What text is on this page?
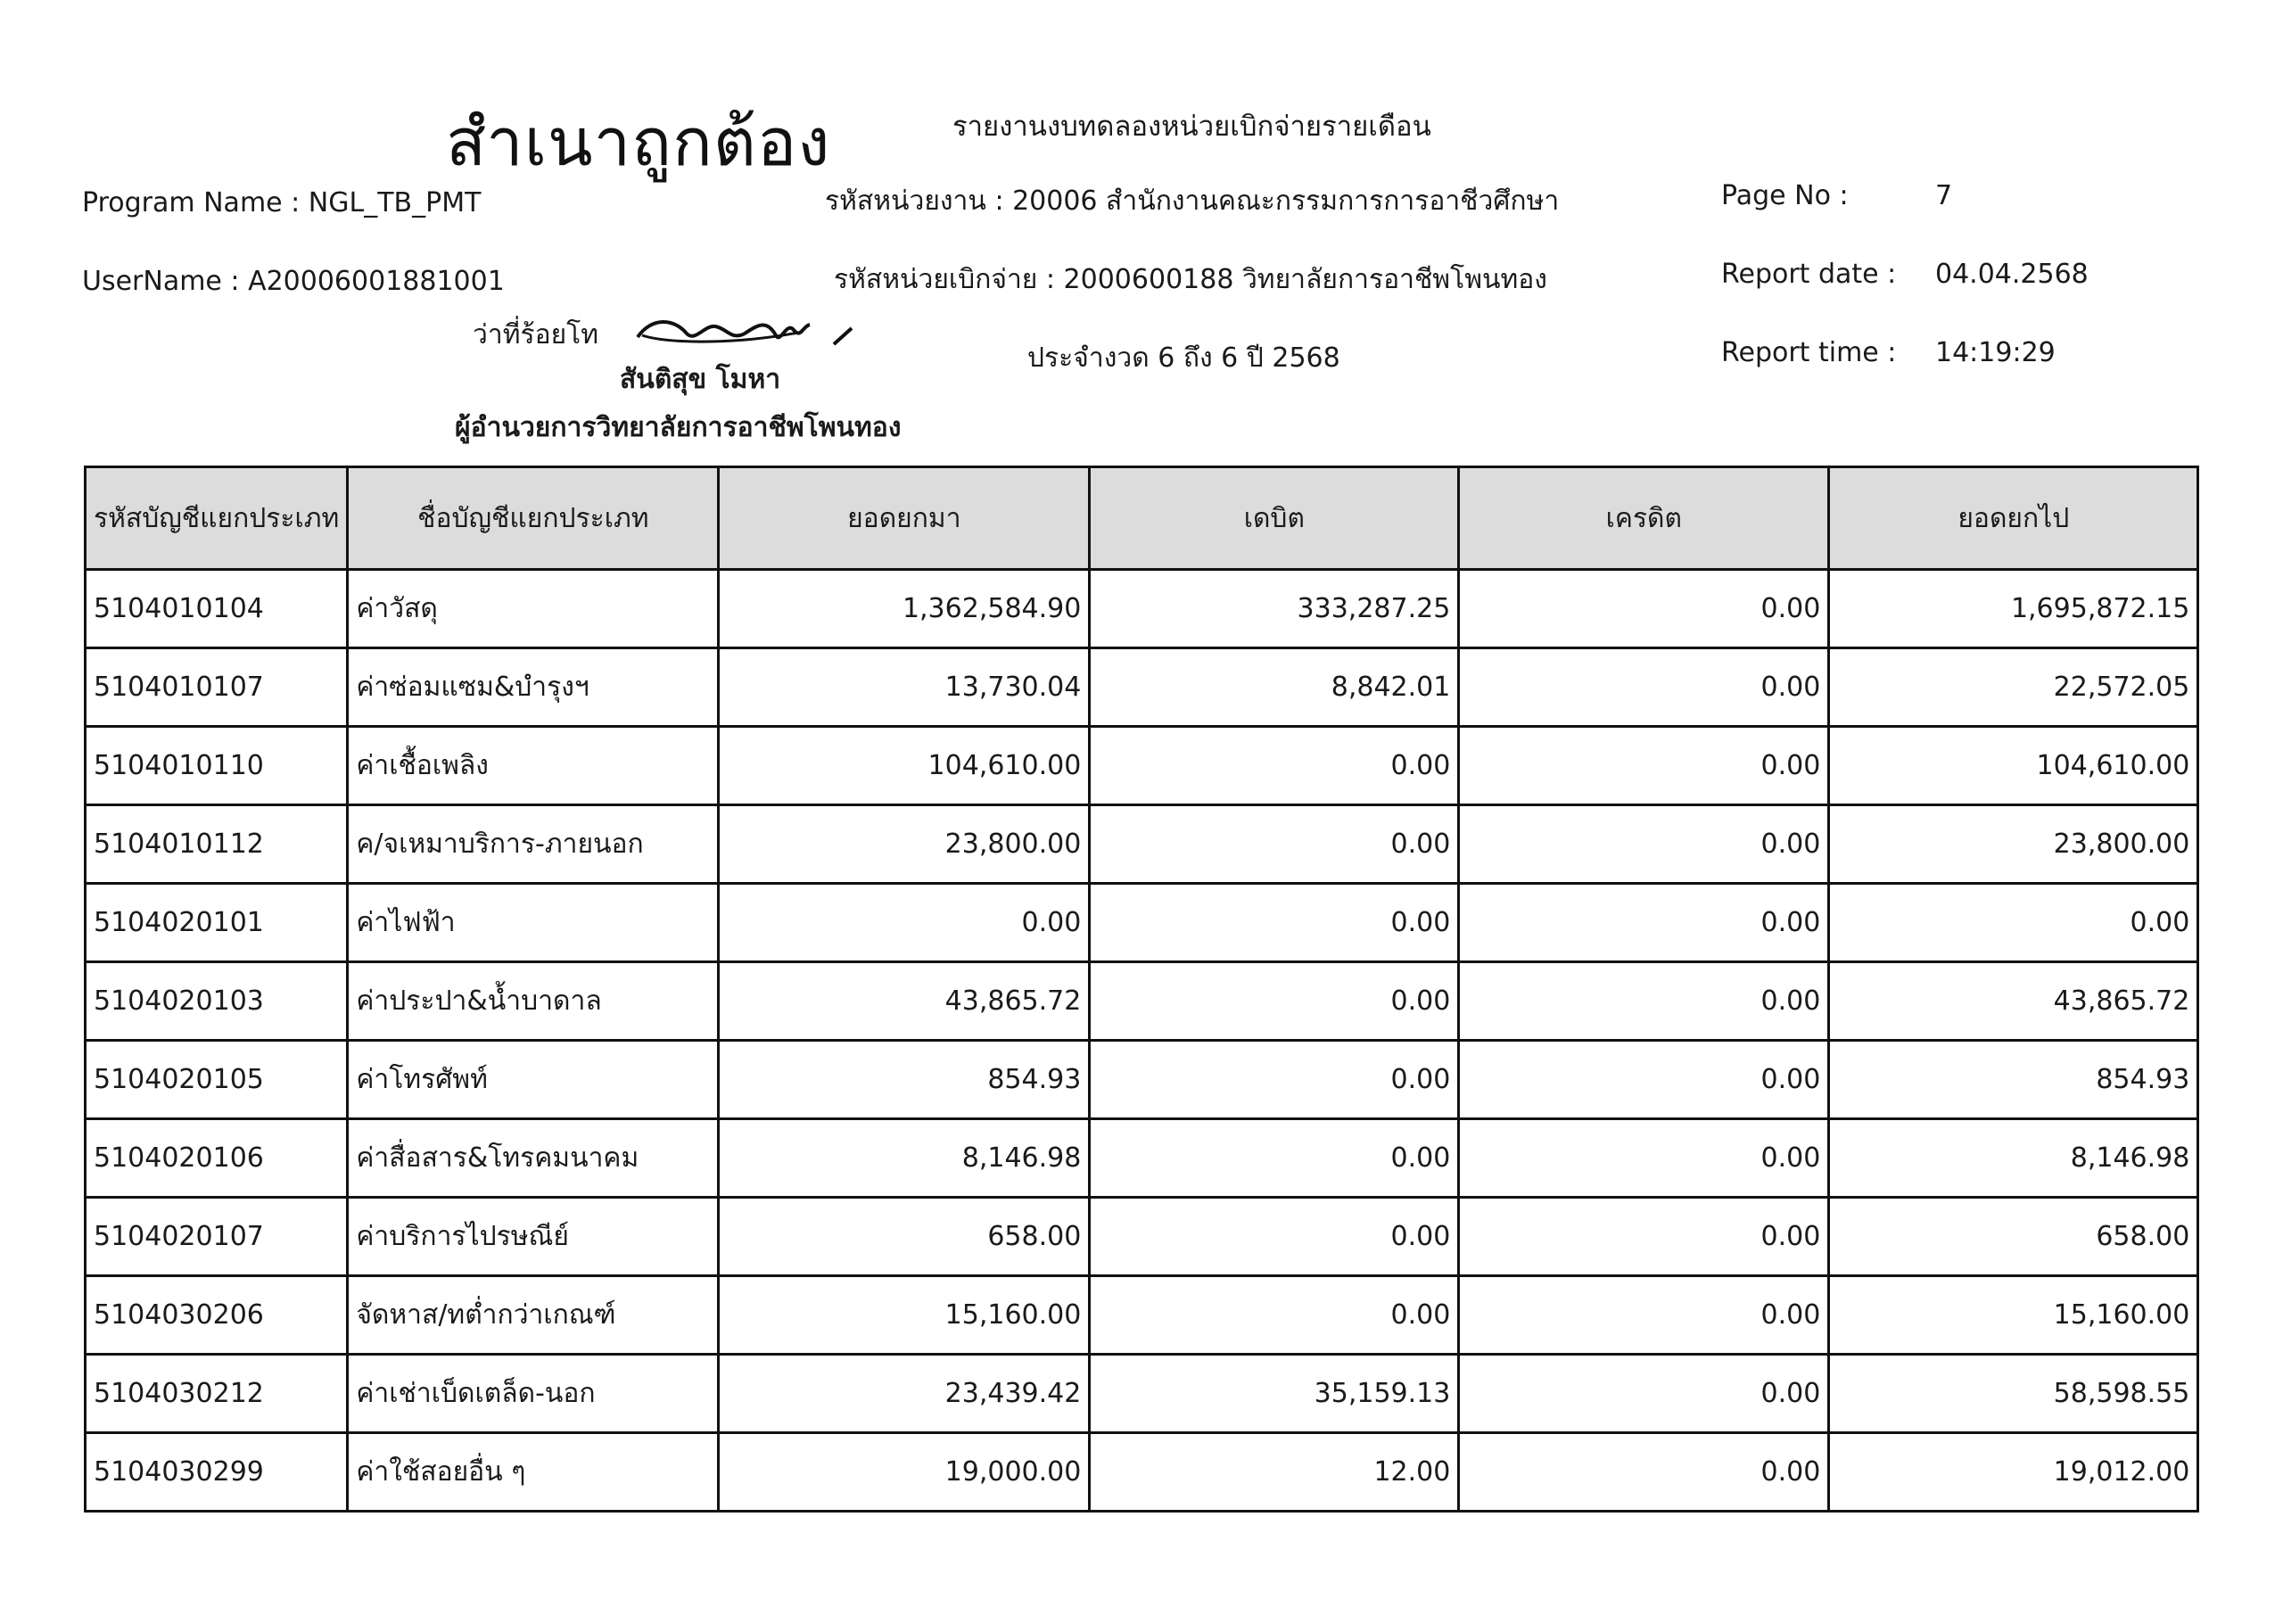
สำเนาถูกต้อง	รายงานงบทดลองหน่วยเบิกจ่ายรายเดือน
Program Name : NGL_TB_PMT
UserName : A20006001881001
รหัสหน่วยงาน : 20006 สำนักงานคณะกรรมการการอาชีวศึกษา
รหัสหน่วยเบิกจ่าย : 2000600188 วิทยาลัยการอาชีพโพนทอง
ประจำงวด 6 ถึง 6 ปี 2568
Page No :	7
Report date : 04.04.2568
Report time : 14:19:29
ว่าที่ร้อยโท
สันติสุข โมหา
ผู้อำนวยการวิทยาลัยการอาชีพโพนทอง
รหัสบัญชีแยกประเภท	ชื่อบัญชีแยกประเภท	ยอดยกมา	เดบิต	เครดิต	ยอดยกไป
5104010104	ค่าวัสดุ	1,362,584.90	333,287.25	0.00	1,695,872.15
5104010107	ค่าซ่อมแซม&บำรุงฯ	13,730.04	8,842.01	0.00	22,572.05
5104010110	ค่าเชื้อเพลิง	104,610.00	0.00	0.00	104,610.00
5104010112	ค/จเหมาบริการ-ภายนอก	23,800.00	0.00	0.00	23,800.00
5104020101	ค่าไฟฟ้า	0.00	0.00	0.00	0.00
5104020103	ค่าประปา&น้ำบาดาล	43,865.72	0.00	0.00	43,865.72
5104020105	ค่าโทรศัพท์	854.93	0.00	0.00	854.93
5104020106	ค่าสื่อสาร&โทรคมนาคม	8,146.98	0.00	0.00	8,146.98
5104020107	ค่าบริการไปรษณีย์	658.00	0.00	0.00	658.00
5104030206	จัดหาส/ทต่ำกว่าเกณฑ์	15,160.00	0.00	0.00	15,160.00
5104030212	ค่าเช่าเบ็ดเตล็ด-นอก	23,439.42	35,159.13	0.00	58,598.55
5104030299	ค่าใช้สอยอื่น ๆ	19,000.00	12.00	0.00	19,012.00
